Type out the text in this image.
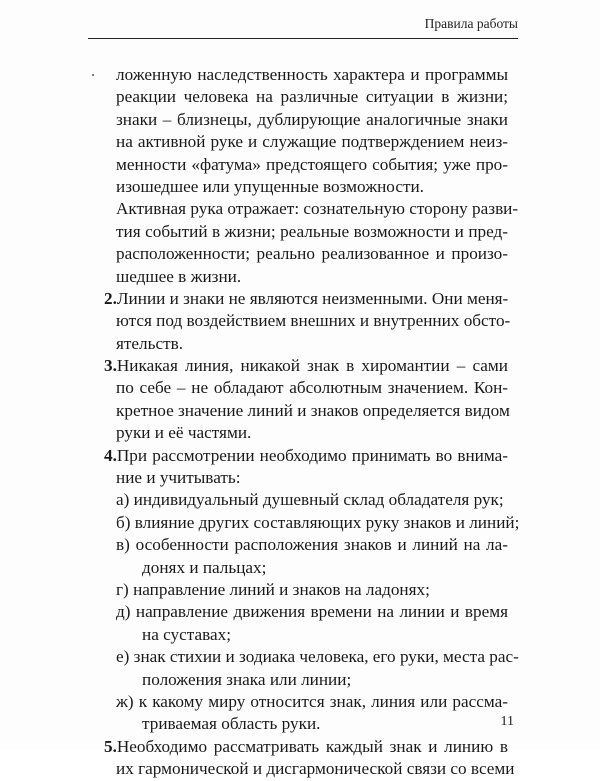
Правила работы
ложенную наследственность характера и программы
реакции человека на различные ситуации в жизни;
знаки – близнецы, дублирующие аналогичные знаки
на активной руке и служащие подтверждением неиз-
менности «фатума» предстоящего события; уже про-
изошедшее или упущенные возможности.
Активная рука отражает: сознательную сторону разви-
тия событий в жизни; реальные возможности и пред-
расположенности; реально реализованное и произо-
шедшее в жизни.
2.Линии и знаки не являются неизменными. Они меня-
ются под воздействием внешних и внутренних обсто-
ятельств.
3.Никакая линия, никакой знак в хиромантии – сами
по себе – не обладают абсолютным значением. Кон-
кретное значение линий и знаков определяется видом
руки и её частями.
4.При рассмотрении необходимо принимать во внима-
ние и учитывать:
а) индивидуальный душевный склад обладателя рук;
б) влияние других составляющих руку знаков и линий;
в) особенности расположения знаков и линий на ла-
донях и пальцах;
г) направление линий и знаков на ладонях;
д) направление движения времени на линии и время
на суставах;
е) знак стихии и зодиака человека, его руки, места рас-
положения знака или линии;
ж) к какому миру относится знак, линия или рассма-
триваемая область руки.
5.Необходимо рассматривать каждый знак и линию в
их гармонической и дисгармонической связи со всеми
11
